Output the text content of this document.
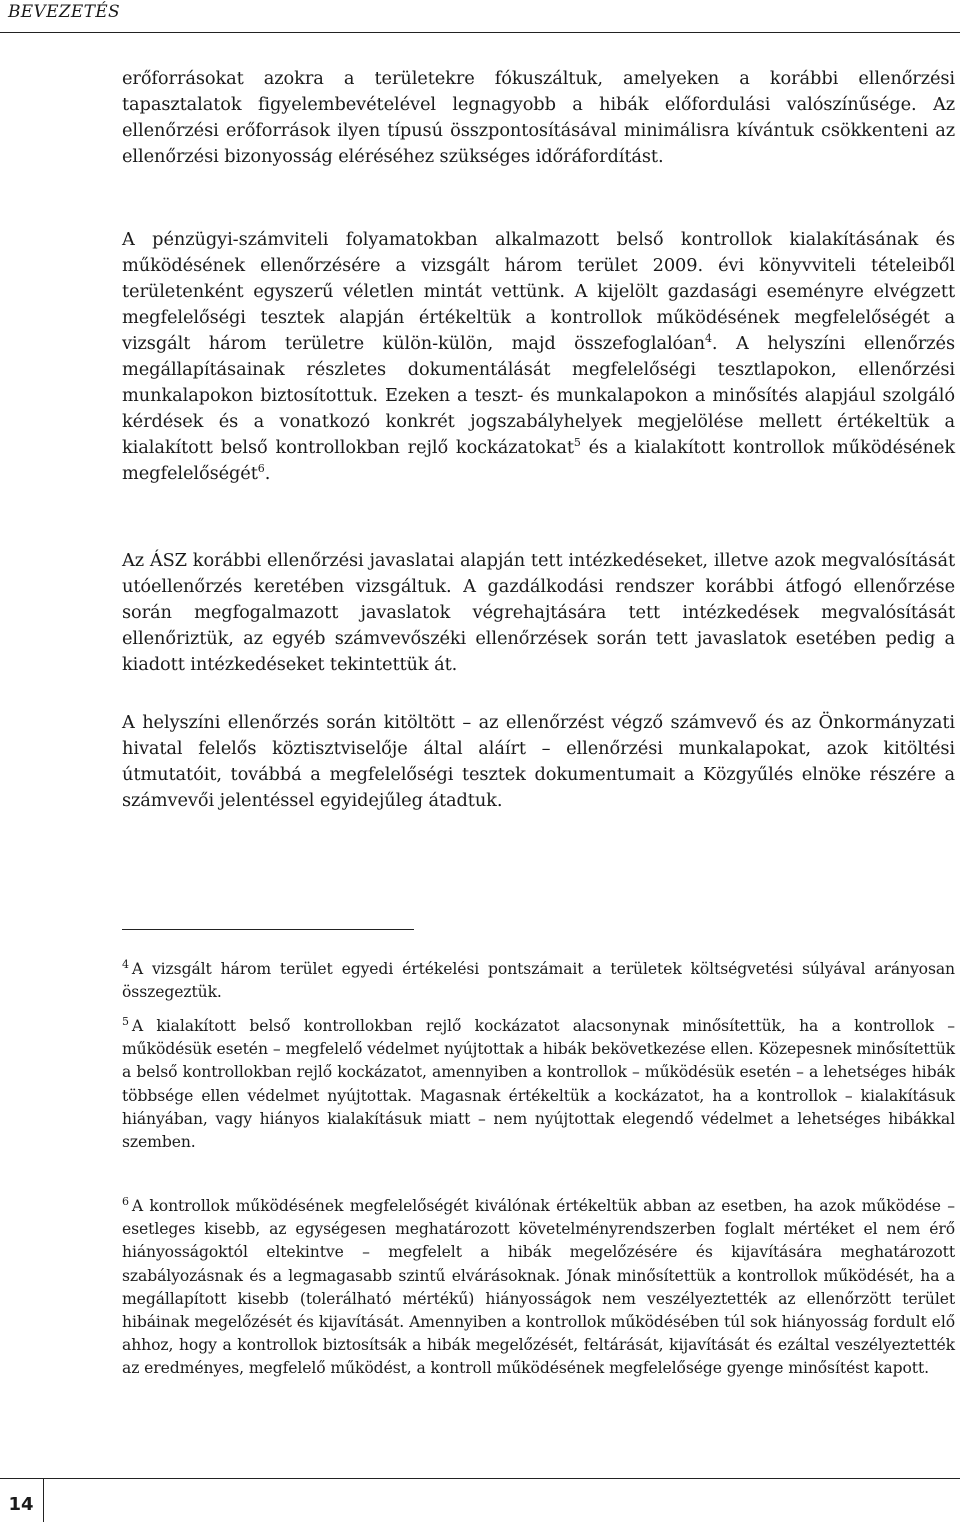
BEVEZETÉS

erőforrásokat azokra a területekre fókuszáltuk, amelyeken a korábbi ellenőrzési tapasztalatok figyelembevételével legnagyobb a hibák előfordulási valószínűsége. Az ellenőrzési erőforrások ilyen típusú összpontosításával minimálisra kívántuk csökkenteni az ellenőrzési bizonyosság eléréséhez szükséges időráfordítást.

A pénzügyi-számviteli folyamatokban alkalmazott belső kontrollok kialakításának és működésének ellenőrzésére a vizsgált három terület 2009. évi könyvviteli tételeiből területenként egyszerű véletlen mintát vettünk. A kijelölt gazdasági eseményre elvégzett megfelelőségi tesztek alapján értékeltük a kontrollok működésének megfelelőségét a vizsgált három területre külön-külön, majd összefoglalóan$^4$. A helyszíni ellenőrzés megállapításainak részletes dokumentálását megfelelőségi tesztlapokon, ellenőrzési munkalapokon biztosítottuk. Ezeken a teszt- és munkalapokon a minősítés alapjául szolgáló kérdések és a vonatkozó konkrét jogszabályhelyek megjelölése mellett értékeltük a kialakított belső kontrollokban rejlő kockázatokat$^5$ és a kialakított kontrollok működésének megfelelőségét$^6$.

Az ÁSZ korábbi ellenőrzési javaslatai alapján tett intézkedéseket, illetve azok megvalósítását utóellenőrzés keretében vizsgáltuk. A gazdálkodási rendszer korábbi átfogó ellenőrzése során megfogalmazott javaslatok végrehajtására tett intézkedések megvalósítását ellenőriztük, az egyéb számvevőszéki ellenőrzések során tett javaslatok esetében pedig a kiadott intézkedéseket tekintettük át.

A helyszíni ellenőrzés során kitöltött – az ellenőrzést végző számvevő és az Önkormányzati hivatal felelős köztisztviselője által aláírt – ellenőrzési munkalapokat, azok kitöltési útmutatóit, továbbá a megfelelőségi tesztek dokumentumait a Közgyűlés elnöke részére a számvevői jelentéssel egyidejűleg átadtuk.

$^4$ A vizsgált három terület egyedi értékelési pontszámait a területek költségvetési súlyával arányosan összegeztük.

$^5$ A kialakított belső kontrollokban rejlő kockázatot alacsonynak minősítettük, ha a kontrollok – működésük esetén – megfelelő védelmet nyújtottak a hibák bekövetkezése ellen. Közepesnek minősítettük a belső kontrollokban rejlő kockázatot, amennyiben a kontrollok – működésük esetén – a lehetséges hibák többsége ellen védelmet nyújtottak. Magasnak értékeltük a kockázatot, ha a kontrollok – kialakításuk hiányában, vagy hiányos kialakításuk miatt – nem nyújtottak elegendő védelmet a lehetséges hibákkal szemben.

$^6$ A kontrollok működésének megfelelőségét kiválónak értékeltük abban az esetben, ha azok működése – esetleges kisebb, az egységesen meghatározott követelményrendszerben foglalt mértéket el nem érő hiányosságoktól eltekintve – megfelelt a hibák megelőzésére és kijavítására meghatározott szabályozásnak és a legmagasabb szintű elvárásoknak. Jónak minősítettük a kontrollok működését, ha a megállapított kisebb (tolerálható mértékű) hiányosságok nem veszélyeztették az ellenőrzött terület hibáinak megelőzését és kijavítását. Amennyiben a kontrollok működésében túl sok hiányosság fordult elő ahhoz, hogy a kontrollok biztosítsák a hibák megelőzését, feltárását, kijavítását és ezáltal veszélyeztették az eredményes, megfelelő működést, a kontroll működésének megfelelősége gyenge minősítést kapott.

14
